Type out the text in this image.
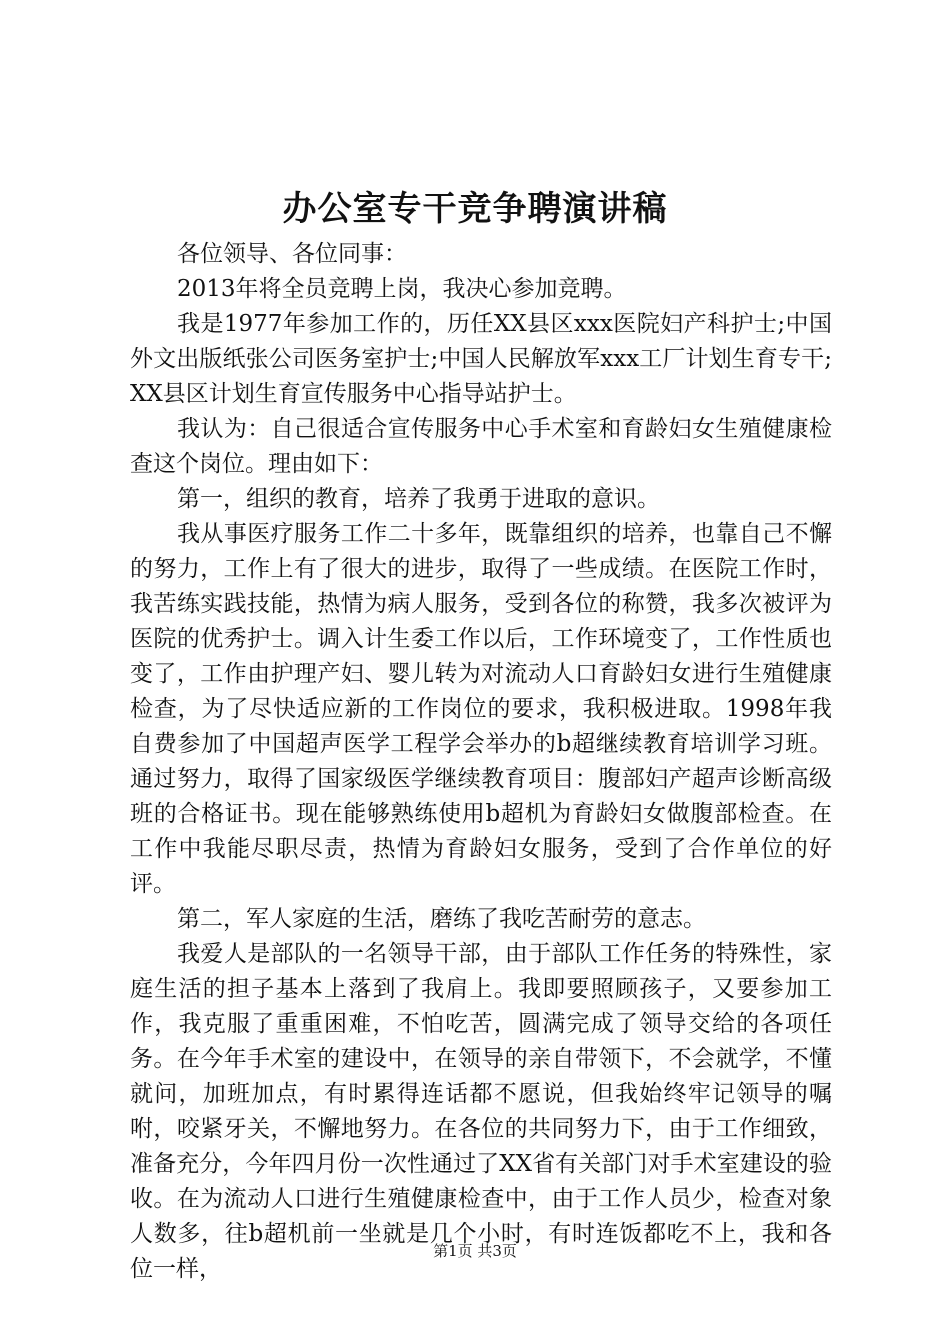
办公室专干竞争聘演讲稿

各位领导、各位同事：

2013年将全员竞聘上岗，我决心参加竞聘。

我是1977年参加工作的，历任XX县区xxx医院妇产科护士;中国外文出版纸张公司医务室护士;中国人民解放军xxx工厂计划生育专干;XX县区计划生育宣传服务中心指导站护士。

我认为：自己很适合宣传服务中心手术室和育龄妇女生殖健康检查这个岗位。理由如下：

第一，组织的教育，培养了我勇于进取的意识。

我从事医疗服务工作二十多年，既靠组织的培养，也靠自己不懈的努力，工作上有了很大的进步，取得了一些成绩。在医院工作时，我苦练实践技能，热情为病人服务，受到各位的称赞，我多次被评为医院的优秀护士。调入计生委工作以后，工作环境变了，工作性质也变了，工作由护理产妇、婴儿转为对流动人口育龄妇女进行生殖健康检查，为了尽快适应新的工作岗位的要求，我积极进取。1998年我自费参加了中国超声医学工程学会举办的b超继续教育培训学习班。通过努力，取得了国家级医学继续教育项目：腹部妇产超声诊断高级班的合格证书。现在能够熟练使用b超机为育龄妇女做腹部检查。在工作中我能尽职尽责，热情为育龄妇女服务，受到了合作单位的好评。

第二，军人家庭的生活，磨练了我吃苦耐劳的意志。

我爱人是部队的一名领导干部，由于部队工作任务的特殊性，家庭生活的担子基本上落到了我肩上。我即要照顾孩子，又要参加工作，我克服了重重困难，不怕吃苦，圆满完成了领导交给的各项任务。在今年手术室的建设中，在领导的亲自带领下，不会就学，不懂就问，加班加点，有时累得连话都不愿说，但我始终牢记领导的嘱咐，咬紧牙关，不懈地努力。在各位的共同努力下，由于工作细致，准备充分，今年四月份一次性通过了XX省有关部门对手术室建设的验收。在为流动人口进行生殖健康检查中，由于工作人员少，检查对象人数多，往b超机前一坐就是几个小时，有时连饭都吃不上，我和各位一样，

第1页 共3页
